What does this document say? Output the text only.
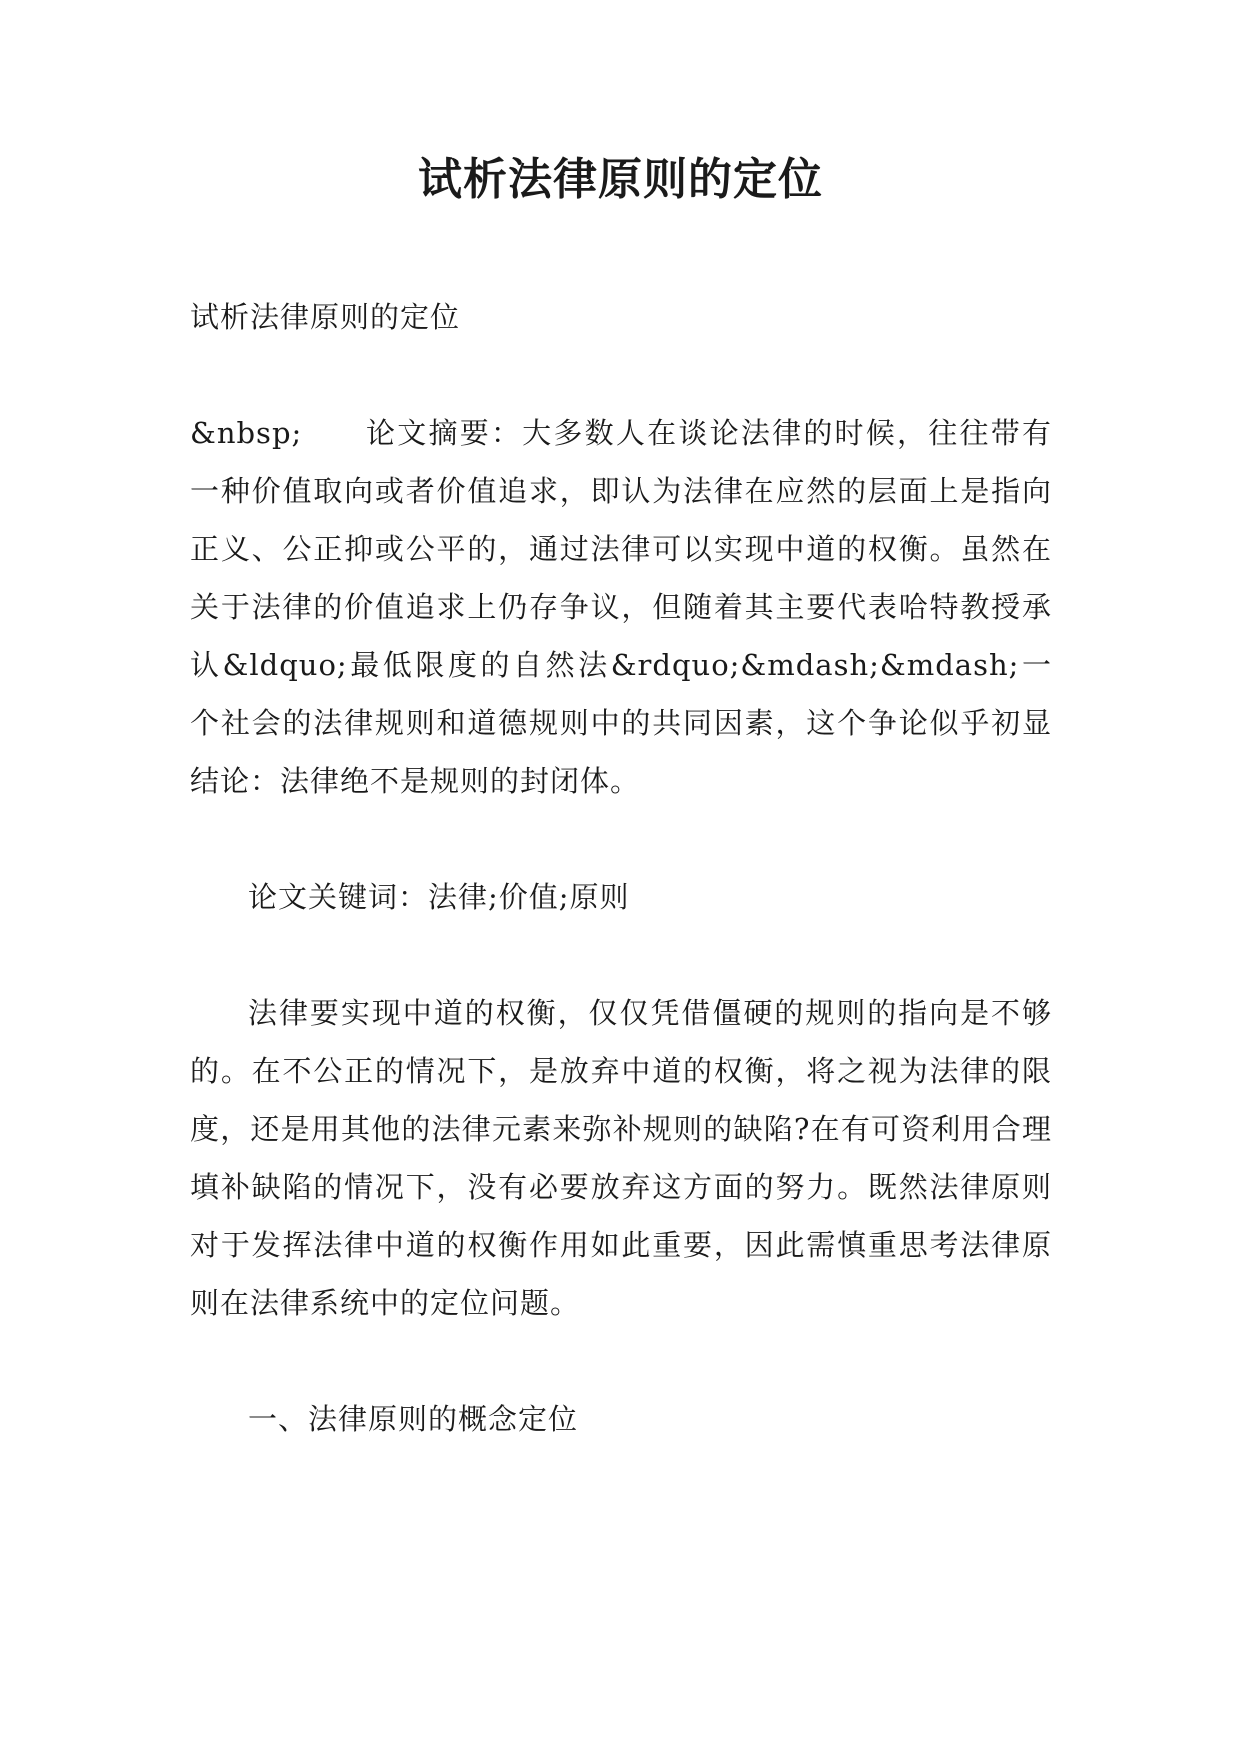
试析法律原则的定位

试析法律原则的定位

&nbsp;　　论文摘要：大多数人在谈论法律的时候，往往带有一种价值取向或者价值追求，即认为法律在应然的层面上是指向正义、公正抑或公平的，通过法律可以实现中道的权衡。虽然在关于法律的价值追求上仍存争议，但随着其主要代表哈特教授承认&ldquo;最低限度的自然法&rdquo;&mdash;&mdash;一个社会的法律规则和道德规则中的共同因素，这个争论似乎初显结论：法律绝不是规则的封闭体。

论文关键词：法律;价值;原则

法律要实现中道的权衡，仅仅凭借僵硬的规则的指向是不够的。在不公正的情况下，是放弃中道的权衡，将之视为法律的限度，还是用其他的法律元素来弥补规则的缺陷?在有可资利用合理填补缺陷的情况下，没有必要放弃这方面的努力。既然法律原则对于发挥法律中道的权衡作用如此重要，因此需慎重思考法律原则在法律系统中的定位问题。

一、法律原则的概念定位
